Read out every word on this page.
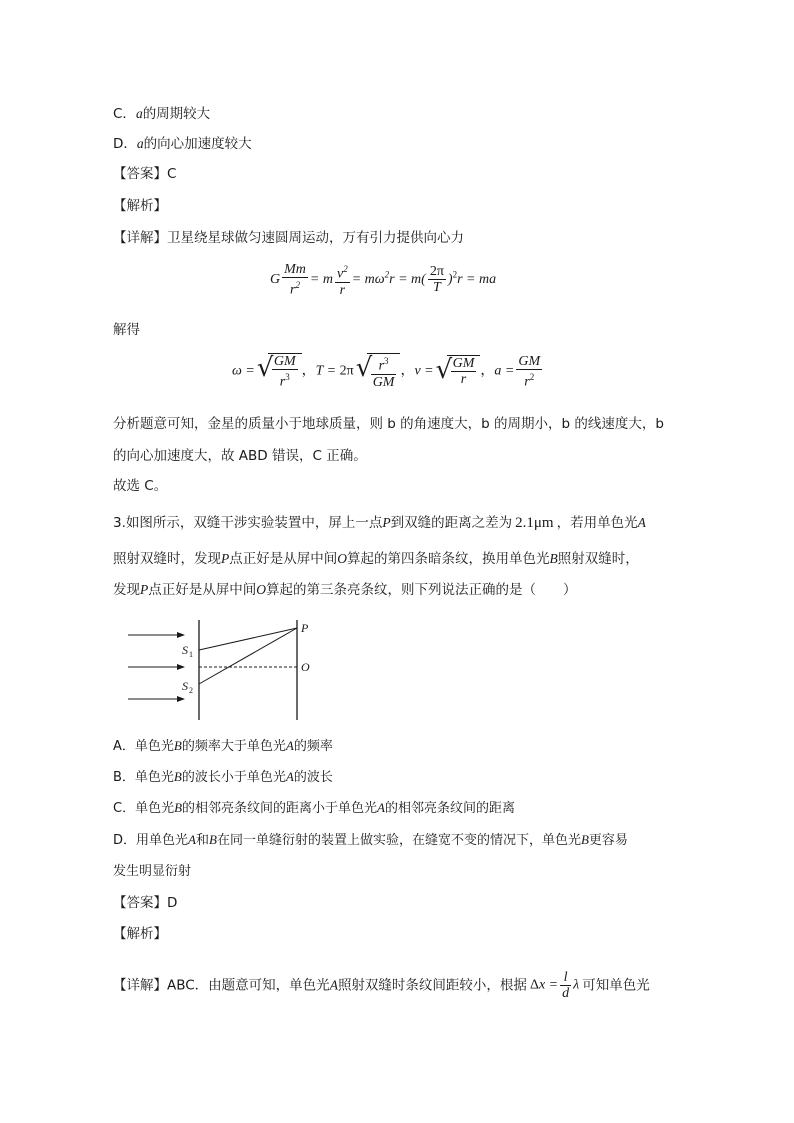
C．a的周期较大
D．a的向心加速度较大
【答案】C
【解析】
【详解】卫星绕星球做匀速圆周运动，万有引力提供向心力
G $\frac{Mm}{r^2} = m \frac{v^2}{r} = m\omega^2r = m( \frac{2\pi}{T} )^2r$ = ma
解得
ω = √
$\frac{GM}{r^3}$ ，T = 2π √
$\frac{r^3}{GM}$ ，v = √
$\frac{GM}{r}$ ，$a = \frac{GM}{r^2}$
分析题意可知，金星的质量小于地球质量，则 b 的角速度大，b 的周期小，b 的线速度大，b
的向心加速度大，故 ABD 错误，C 正确。
故选 C。
3.如图所示，双缝干涉实验装置中，屏上一点P到双缝的距离之差为 2.1μm ，若用单色光A
照射双缝时，发现P点正好是从屏中间O算起的第四条暗条纹，换用单色光B照射双缝时，
发现P点正好是从屏中间O算起的第三条亮条纹，则下列说法正确的是（　　）
P
O
S 1
S 2
A．单色光B的频率大于单色光A的频率
B．单色光B的波长小于单色光A的波长
C．单色光B的相邻亮条纹间的距离小于单色光A的相邻亮条纹间的距离
D．用单色光A和B在同一单缝衍射的装置上做实验，在缝宽不变的情况下，单色光B更容易
发生明显衍射
【答案】D
【解析】
【详解】ABC．由题意可知，单色光A照射双缝时条纹间距较小，根据 $\Delta x = \frac{l}{d}$ λ 可知单色光
